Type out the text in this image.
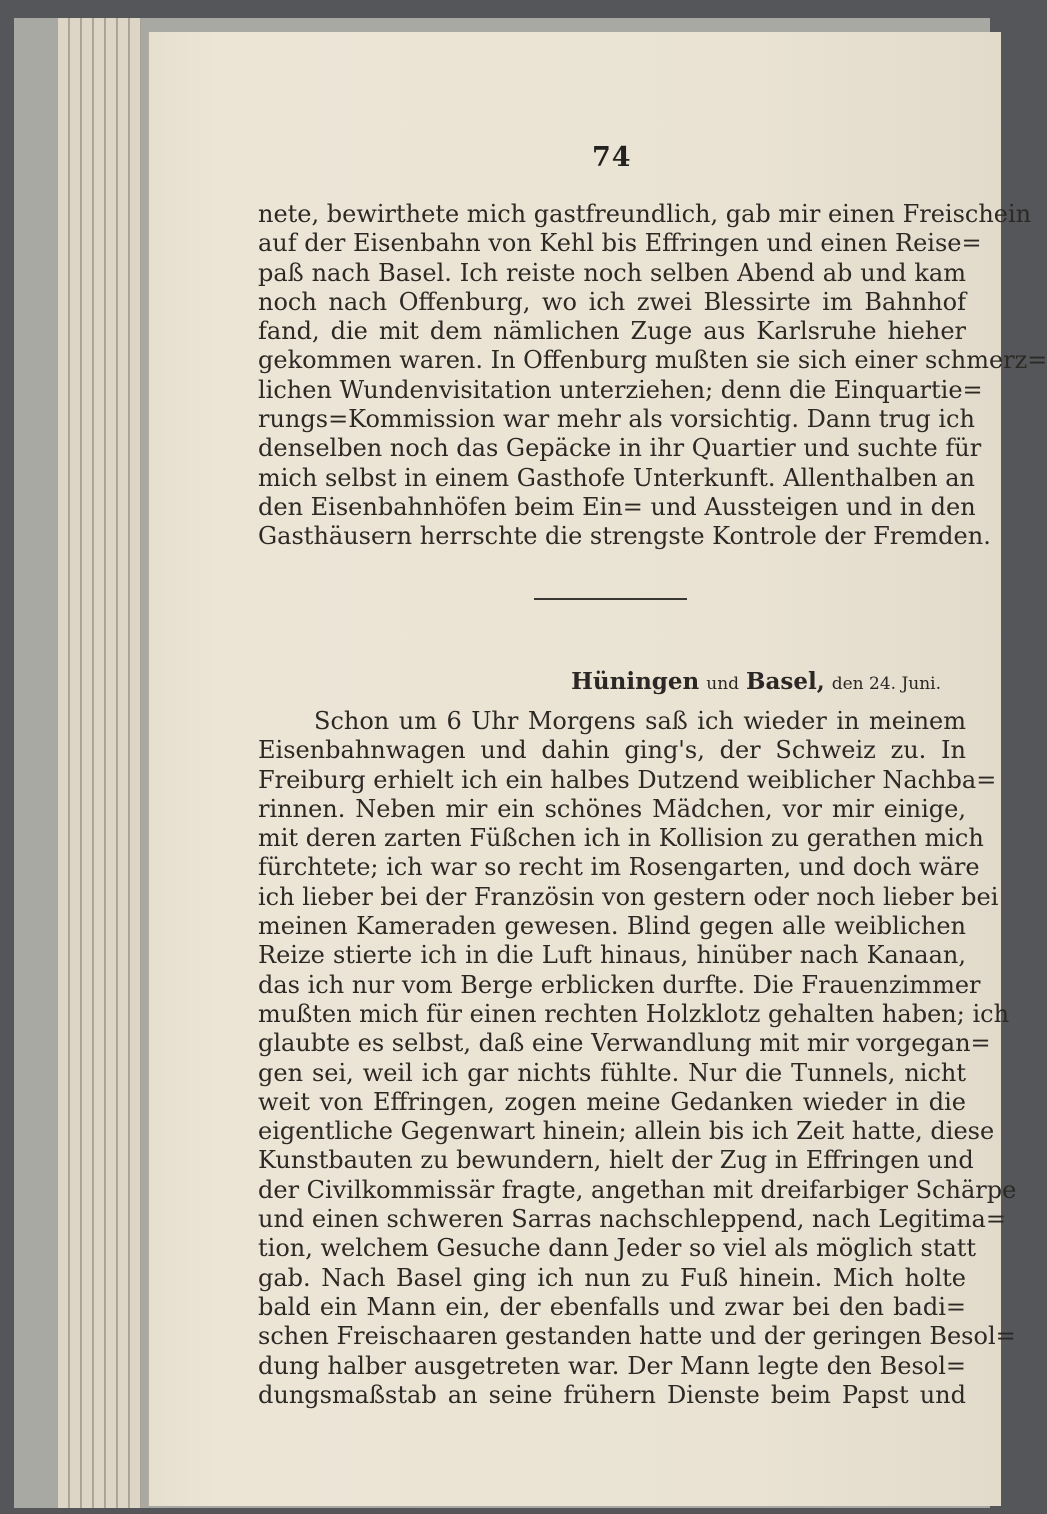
74
nete, bewirthete mich gastfreundlich, gab mir einen Freischein
auf der Eisenbahn von Kehl bis Effringen und einen Reise=
paß nach Basel. Ich reiste noch selben Abend ab und kam
noch nach Offenburg, wo ich zwei Blessirte im Bahnhof
fand, die mit dem nämlichen Zuge aus Karlsruhe hieher
gekommen waren. In Offenburg mußten sie sich einer schmerz=
lichen Wundenvisitation unterziehen; denn die Einquartie=
rungs=Kommission war mehr als vorsichtig. Dann trug ich
denselben noch das Gepäcke in ihr Quartier und suchte für
mich selbst in einem Gasthofe Unterkunft. Allenthalben an
den Eisenbahnhöfen beim Ein= und Aussteigen und in den
Gasthäusern herrschte die strengste Kontrole der Fremden.
Hüningen und Basel, den 24. Juni.
Schon um 6 Uhr Morgens saß ich wieder in meinem
Eisenbahnwagen und dahin ging's, der Schweiz zu. In
Freiburg erhielt ich ein halbes Dutzend weiblicher Nachba=
rinnen. Neben mir ein schönes Mädchen, vor mir einige,
mit deren zarten Füßchen ich in Kollision zu gerathen mich
fürchtete; ich war so recht im Rosengarten, und doch wäre
ich lieber bei der Französin von gestern oder noch lieber bei
meinen Kameraden gewesen. Blind gegen alle weiblichen
Reize stierte ich in die Luft hinaus, hinüber nach Kanaan,
das ich nur vom Berge erblicken durfte. Die Frauenzimmer
mußten mich für einen rechten Holzklotz gehalten haben; ich
glaubte es selbst, daß eine Verwandlung mit mir vorgegan=
gen sei, weil ich gar nichts fühlte. Nur die Tunnels, nicht
weit von Effringen, zogen meine Gedanken wieder in die
eigentliche Gegenwart hinein; allein bis ich Zeit hatte, diese
Kunstbauten zu bewundern, hielt der Zug in Effringen und
der Civilkommissär fragte, angethan mit dreifarbiger Schärpe
und einen schweren Sarras nachschleppend, nach Legitima=
tion, welchem Gesuche dann Jeder so viel als möglich statt
gab. Nach Basel ging ich nun zu Fuß hinein. Mich holte
bald ein Mann ein, der ebenfalls und zwar bei den badi=
schen Freischaaren gestanden hatte und der geringen Besol=
dung halber ausgetreten war. Der Mann legte den Besol=
dungsmaßstab an seine frühern Dienste beim Papst und
